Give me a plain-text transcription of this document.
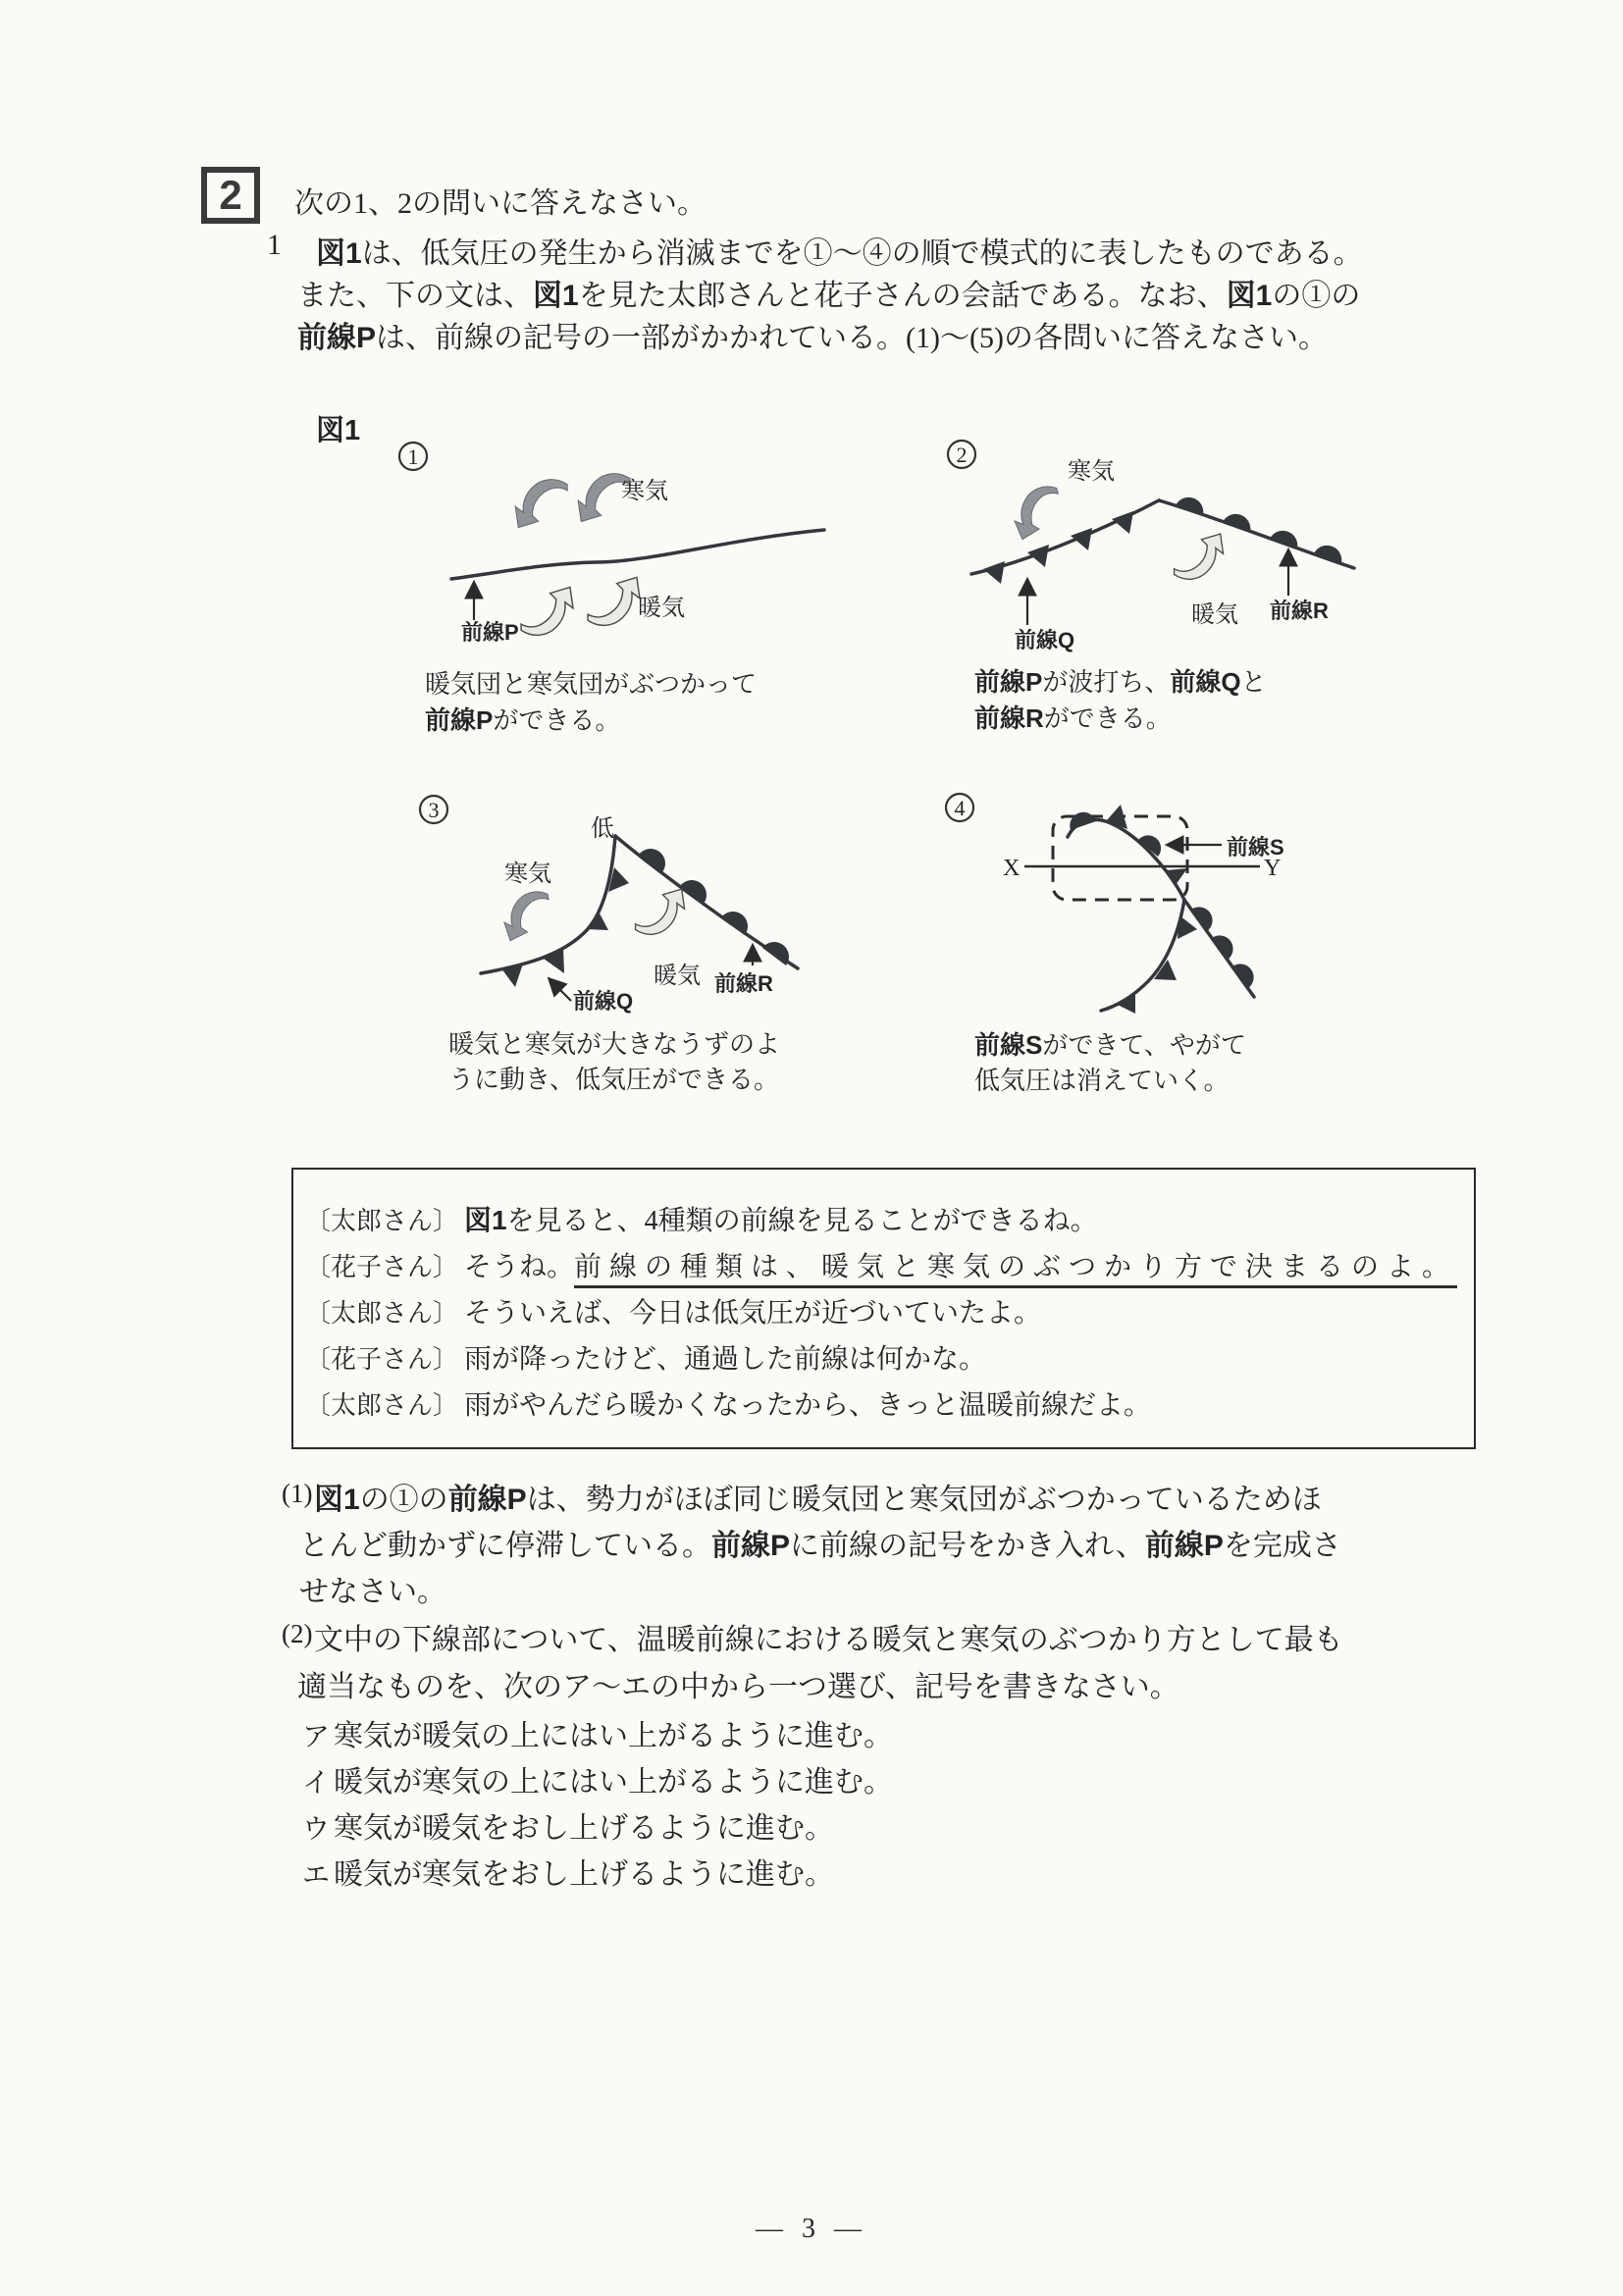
2	次の1、2の問いに答えなさい。
1 図1は、低気圧の発生から消滅までを①～④の順で模式的に表したものである。
また、下の文は、図1を見た太郎さんと花子さんの会話である。なお、図1の①の
前線Pは、前線の記号の一部がかかれている。(1)～(5)の各問いに答えなさい。
図1
1
寒気
前線P
暖気
暖気団と寒気団がぶつかって
前線Pができる。
2
寒気
暖気
前線Q
前線R
前線Pが波打ち、前線Qと
前線Rができる。
3
低
寒気
暖気
前線Q
前線R
暖気と寒気が大きなうずのよ
うに動き、低気圧ができる。
4
X	Y
前線S
前線Sができて、やがて
低気圧は消えていく。
〔太郎さん〕 図1を見ると、4種類の前線を見ることができるね。
〔花子さん〕 そうね。前線の種類は、暖気と寒気のぶつかり方で決まるのよ。
〔太郎さん〕 そういえば、今日は低気圧が近づいていたよ。
〔花子さん〕 雨が降ったけど、通過した前線は何かな。
〔太郎さん〕 雨がやんだら暖かくなったから、きっと温暖前線だよ。
(1) 図1の①の前線Pは、勢力がほぼ同じ暖気団と寒気団がぶつかっているためほ
とんど動かずに停滞している。前線Pに前線の記号をかき入れ、前線Pを完成さ
せなさい。
(2) 文中の下線部について、温暖前線における暖気と寒気のぶつかり方として最も
適当なものを、次のア～エの中から一つ選び、記号を書きなさい。
ア 寒気が暖気の上にはい上がるように進む。
イ 暖気が寒気の上にはい上がるように進む。
ウ 寒気が暖気をおし上げるように進む。
エ 暖気が寒気をおし上げるように進む。
— 3 —
